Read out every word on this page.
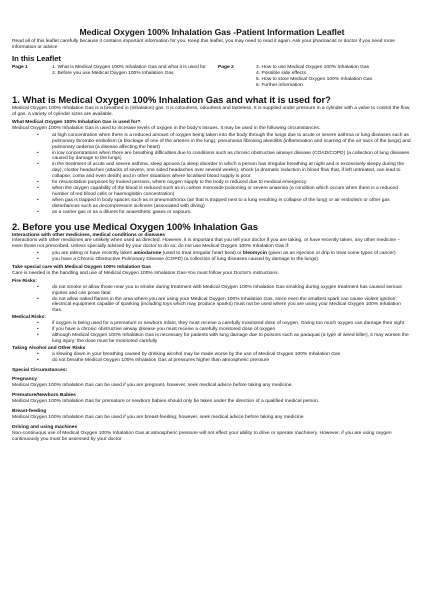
Medical Oxygen 100% Inhalation Gas -Patient Information Leaflet

Read all of this leaflet carefully because it contains important information for you. Keep this leaflet, you may need to read it again. Ask your pharmacist or doctor if you need more information or advice

In this Leaflet
Page 1	1. What is Medical Oxygen 100% Inhalation Gas and what it is used for
2. Before you use Medical Oxygen 100% Inhalation Gas
Page 2	3. How to use Medical Oxygen 100% Inhalation Gas
4. Possible side effects
5. How to store Medical Oxygen 100% Inhalation Gas
6. Further information
1. What is Medical Oxygen 100% Inhalation Gas and what it is used for?

Medical Oxygen 100% Inhalation Gas is a breathed in (inhalation) gas. It is colourless, odourless and tasteless. It is supplied under pressure in a cylinder with a valve to control the flow of gas. A variety of cylinder sizes are available.

What Medical Oxygen 100% Inhalation Gas is used for?

Medical Oxygen 100% Inhalation Gas is used to increase levels of oxygen in the body's tissues. It may be used in the following circumstances:

• at high concentration when there is a reduced amount of oxygen being taken into the body through the lungs due to acute or severe asthma or lung diseases such as pulmonary thrombo-embolism (a blockage of one of the arteries in the lung), pneumonia fibrosing alveolitis (inflammation and scarring of the air sacs of the lungs) and pulmonary oedema (a disease affecting the heart)
• in low concentrations when there are breathing difficulties due to conditions such as chronic obstructive airways disease (COAD/COPD) (a collection of lung diseases caused by damage to the lungs)
• in the treatment of acute and severe asthma, sleep apnoea (a sleep disorder in which a person has irregular breathing at night and is excessively sleepy during the day), cluster headaches (attacks of severe, one sided headaches over several weeks), shock (a dramatic reduction in blood flow that, if left untreated, can lead to collapse, coma and even death) and in other situations where localised blood supply is poor.
• for resuscitation purposes by trained persons, where oxygen supply to the body is reduced due to medical emergency
• when the oxygen capability of the blood is reduced such as in carbon monoxide poisoning or severe anaemia (a condition which occurs when there is a reduced number of red blood cells or haemoglobin concentration)
• when gas is trapped in body spaces such as in pneumothorax (air that is trapped next to a lung resulting in collapse of the lung) or air embolism or other gas disturbances such as decompression sickness (associated with diving)
• as a carrier gas or as a diluent for anaesthetic gases or vapours.
2. Before you use Medical Oxygen 100% Inhalation Gas
Interactions with other medicines, medical conditions or diseases

Interactions with other medicines are unlikely when used as directed. However, it is important that you tell your doctor if you are taking, or have recently taken, any other medicine – even those not prescribed. Unless specially advised by your doctor to do so; do not use Medical Oxygen 100% Inhalation Gas if:

• you are taking or have recently taken amiodarone (used to treat irregular heart beat) or bleomycin (given as an injection or drip to treat some types of cancer)
• you have a Chronic Obstructive Pulmonary Disease (COPD) (a collection of lung diseases caused by damage to the lungs).
Take special care with Medical Oxygen 100% Inhalation Gas

Care is needed in the handling and use of Medical Oxygen 100% Inhalation Gas-You must follow your Doctor's instructions.

Fire Risks:
• do not smoke or allow those near you to smoke during treatment with Medical Oxygen 100% Inhalation Gas smoking during oxygen treatment has caused serious injuries and can prove fatal
• do not allow naked flames in the area where you are using your Medical Oxygen 100% Inhalation Gas, since even the smallest spark can cause violent ignition; electrical equipment capable of sparking (including toys which may produce sparks) must not be used where you are using your Medical Oxygen 100% Inhalation Gas.
Medical Risks:
• if oxygen is being used for a premature or newborn infant, they must receive a carefully monitored dose of oxygen. Giving too much oxygen can damage their sight
• if you have a chronic obstructive airway disease you must receive a carefully monitored dose of oxygen
• although Medical Oxygen 100% Inhalation Gas is necessary for patients with lung damage due to poisons such as paraquat (a type of weed killer), it may worsen the lung injury; the dose must be monitored carefully
Taking Alcohol and Other Risks
• a slowing down in your breathing caused by drinking alcohol may be made worse by the use of Medical Oxygen 100% Inhalation Gas
• do not breathe Medical Oxygen 100% Inhalation Gas at pressures higher than atmospheric pressure
Special Circumstances:
Pregnancy

Medical Oxygen 100% Inhalation Gas can be used if you are pregnant, however, seek medical advice before taking any medicine.

Premature/Newborn Babies

Medical Oxygen 100% Inhalation Gas for premature or newborn babies should only be taken under the direction of a qualified medical person.

Breast-feeding

Medical Oxygen 100% Inhalation Gas can be used if you are breast-feeding, however, seek medical advice before taking any medicine

Driving and using machines

Non-continuous use of Medical Oxygen 100% Inhalation Gas at atmospheric pressure will not effect your ability to drive or operate machinery. However, if you are using oxygen continuously you must be assessed by your doctor
